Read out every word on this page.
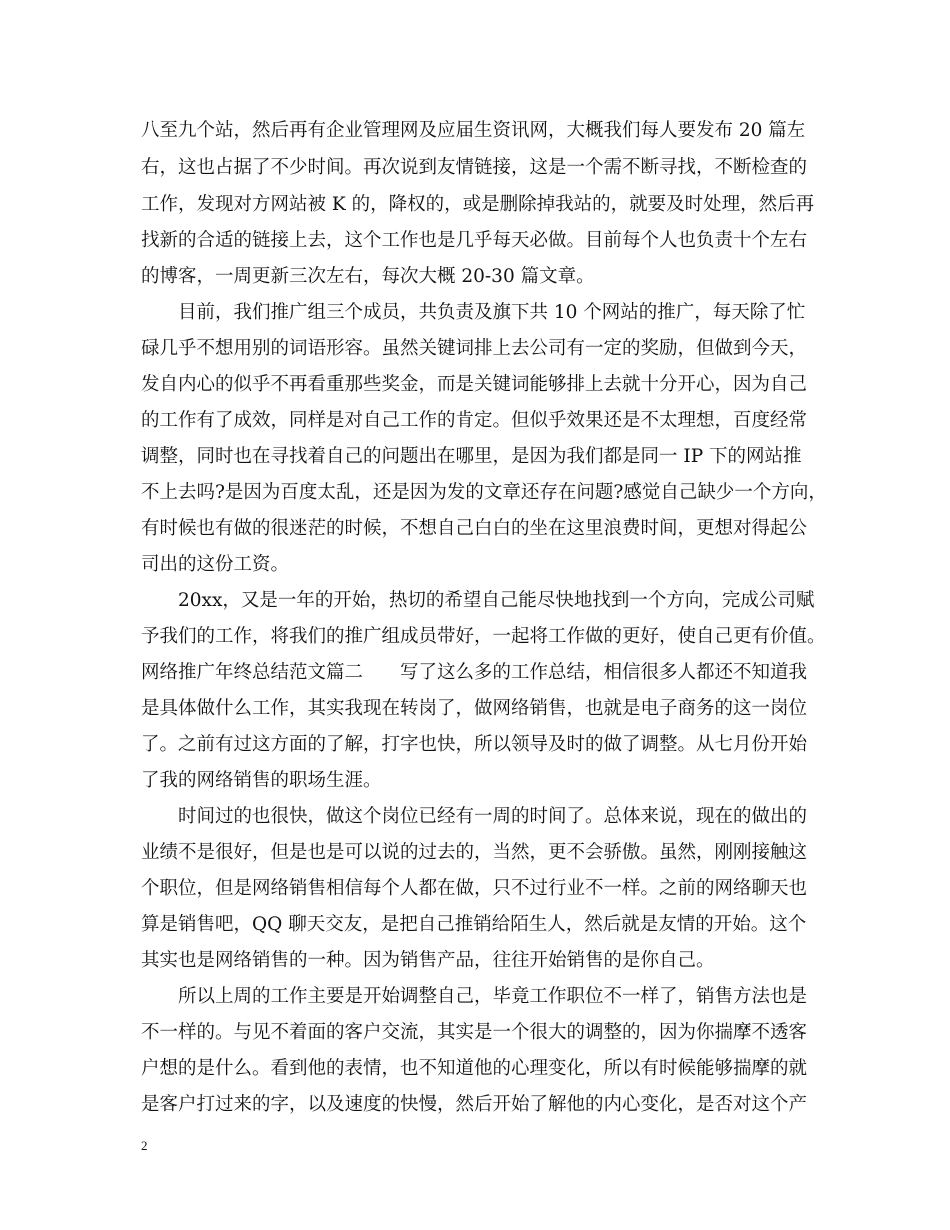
八至九个站，然后再有企业管理网及应届生资讯网，大概我们每人要发布 20 篇左
右，这也占据了不少时间。再次说到友情链接，这是一个需不断寻找，不断检查的
工作，发现对方网站被 K 的，降权的，或是删除掉我站的，就要及时处理，然后再
找新的合适的链接上去，这个工作也是几乎每天必做。目前每个人也负责十个左右
的博客，一周更新三次左右，每次大概 20-30 篇文章。
　　目前，我们推广组三个成员，共负责及旗下共 10 个网站的推广，每天除了忙
碌几乎不想用别的词语形容。虽然关键词排上去公司有一定的奖励，但做到今天，
发自内心的似乎不再看重那些奖金，而是关键词能够排上去就十分开心，因为自己
的工作有了成效，同样是对自己工作的肯定。但似乎效果还是不太理想，百度经常
调整，同时也在寻找着自己的问题出在哪里，是因为我们都是同一 IP 下的网站推
不上去吗?是因为百度太乱，还是因为发的文章还存在问题?感觉自己缺少一个方向，
有时候也有做的很迷茫的时候，不想自己白白的坐在这里浪费时间，更想对得起公
司出的这份工资。
　　20xx，又是一年的开始，热切的希望自己能尽快地找到一个方向，完成公司赋
予我们的工作，将我们的推广组成员带好，一起将工作做的更好，使自己更有价值。
网络推广年终总结范文篇二　　写了这么多的工作总结，相信很多人都还不知道我
是具体做什么工作，其实我现在转岗了，做网络销售，也就是电子商务的这一岗位
了。之前有过这方面的了解，打字也快，所以领导及时的做了调整。从七月份开始
了我的网络销售的职场生涯。
　　时间过的也很快，做这个岗位已经有一周的时间了。总体来说，现在的做出的
业绩不是很好，但是也是可以说的过去的，当然，更不会骄傲。虽然，刚刚接触这
个职位，但是网络销售相信每个人都在做，只不过行业不一样。之前的网络聊天也
算是销售吧，QQ 聊天交友，是把自己推销给陌生人，然后就是友情的开始。这个
其实也是网络销售的一种。因为销售产品，往往开始销售的是你自己。
　　所以上周的工作主要是开始调整自己，毕竟工作职位不一样了，销售方法也是
不一样的。与见不着面的客户交流，其实是一个很大的调整的，因为你揣摩不透客
户想的是什么。看到他的表情，也不知道他的心理变化，所以有时候能够揣摩的就
是客户打过来的字，以及速度的快慢，然后开始了解他的内心变化，是否对这个产
2
